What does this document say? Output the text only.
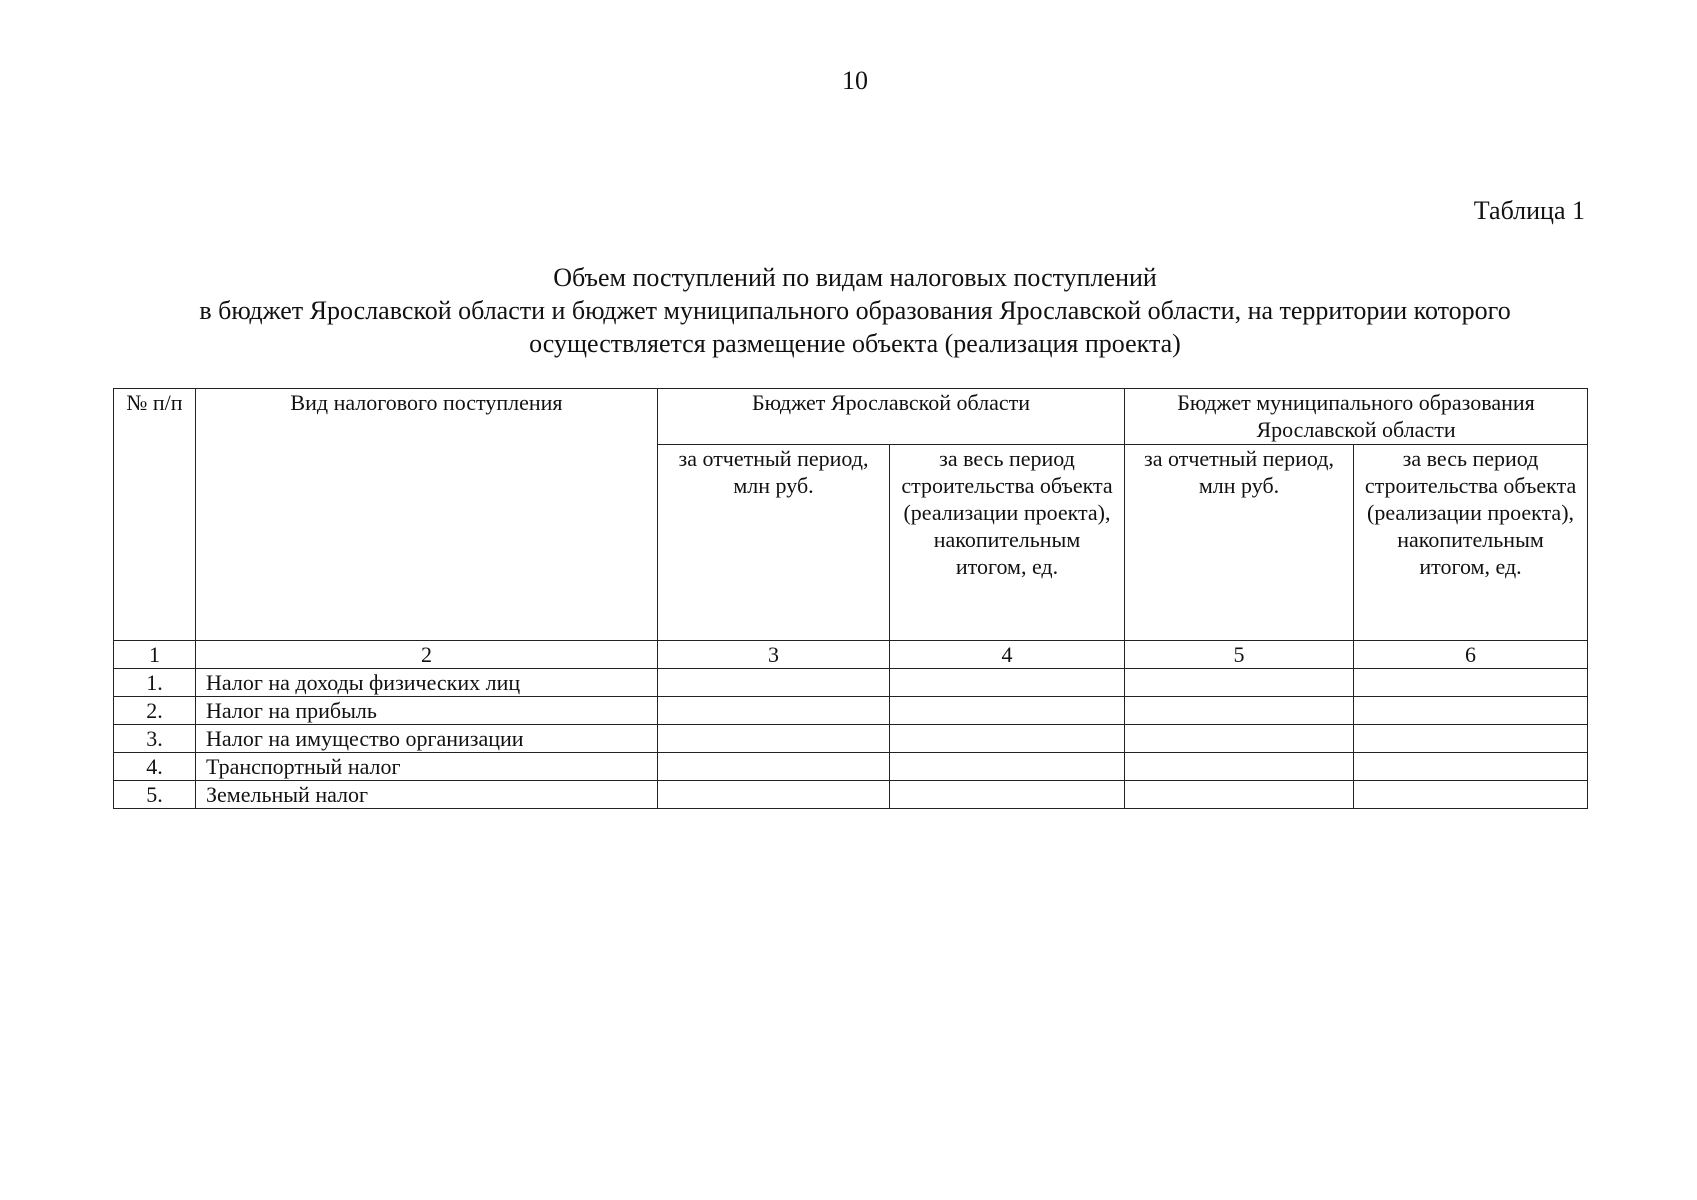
10
Таблица 1
Объем поступлений по видам налоговых поступлений
в бюджет Ярославской области и бюджет муниципального образования Ярославской области, на территории которого
осуществляется размещение объекта (реализация проекта)
№ п/п	Вид налогового поступления	Бюджет Ярославской области		Бюджет муниципального образования Ярославской области	
		за отчетный период, млн руб.	за весь период строительства объекта (реализации проекта), накопительным итогом, ед.	за отчетный период, млн руб.	за весь период строительства объекта (реализации проекта), накопительным итогом, ед.
1	2	3	4	5	6
1.	Налог на доходы физических лиц				
2.	Налог на прибыль				
3.	Налог на имущество организации				
4.	Транспортный налог				
5.	Земельный налог				
